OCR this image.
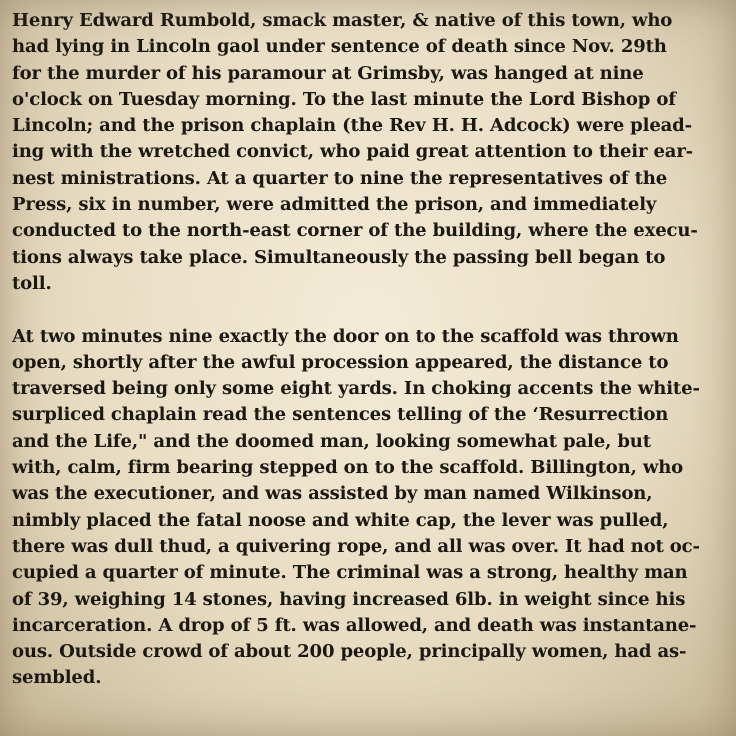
Henry Edward Rumbold, smack master, & native of this town, who
had lying in Lincoln gaol under sentence of death since Nov. 29th
for the murder of his paramour at Grimsby, was hanged at nine
o'clock on Tuesday morning. To the last minute the Lord Bishop of
Lincoln; and the prison chaplain (the Rev H. H. Adcock) were plead-
ing with the wretched convict, who paid great attention to their ear-
nest ministrations. At a quarter to nine the representatives of the
Press, six in number, were admitted the prison, and immediately
conducted to the north-east corner of the building, where the execu-
tions always take place. Simultaneously the passing bell began to
toll.
At two minutes nine exactly the door on to the scaffold was thrown
open, shortly after the awful procession appeared, the distance to
traversed being only some eight yards. In choking accents the white-
surpliced chaplain read the sentences telling of the ‘Resurrection
and the Life," and the doomed man, looking somewhat pale, but
with, calm, firm bearing stepped on to the scaffold. Billington, who
was the executioner, and was assisted by man named Wilkinson,
nimbly placed the fatal noose and white cap, the lever was pulled,
there was dull thud, a quivering rope, and all was over. It had not oc-
cupied a quarter of minute. The criminal was a strong, healthy man
of 39, weighing 14 stones, having increased 6lb. in weight since his
incarceration. A drop of 5 ft. was allowed, and death was instantane-
ous. Outside crowd of about 200 people, principally women, had as-
sembled.
